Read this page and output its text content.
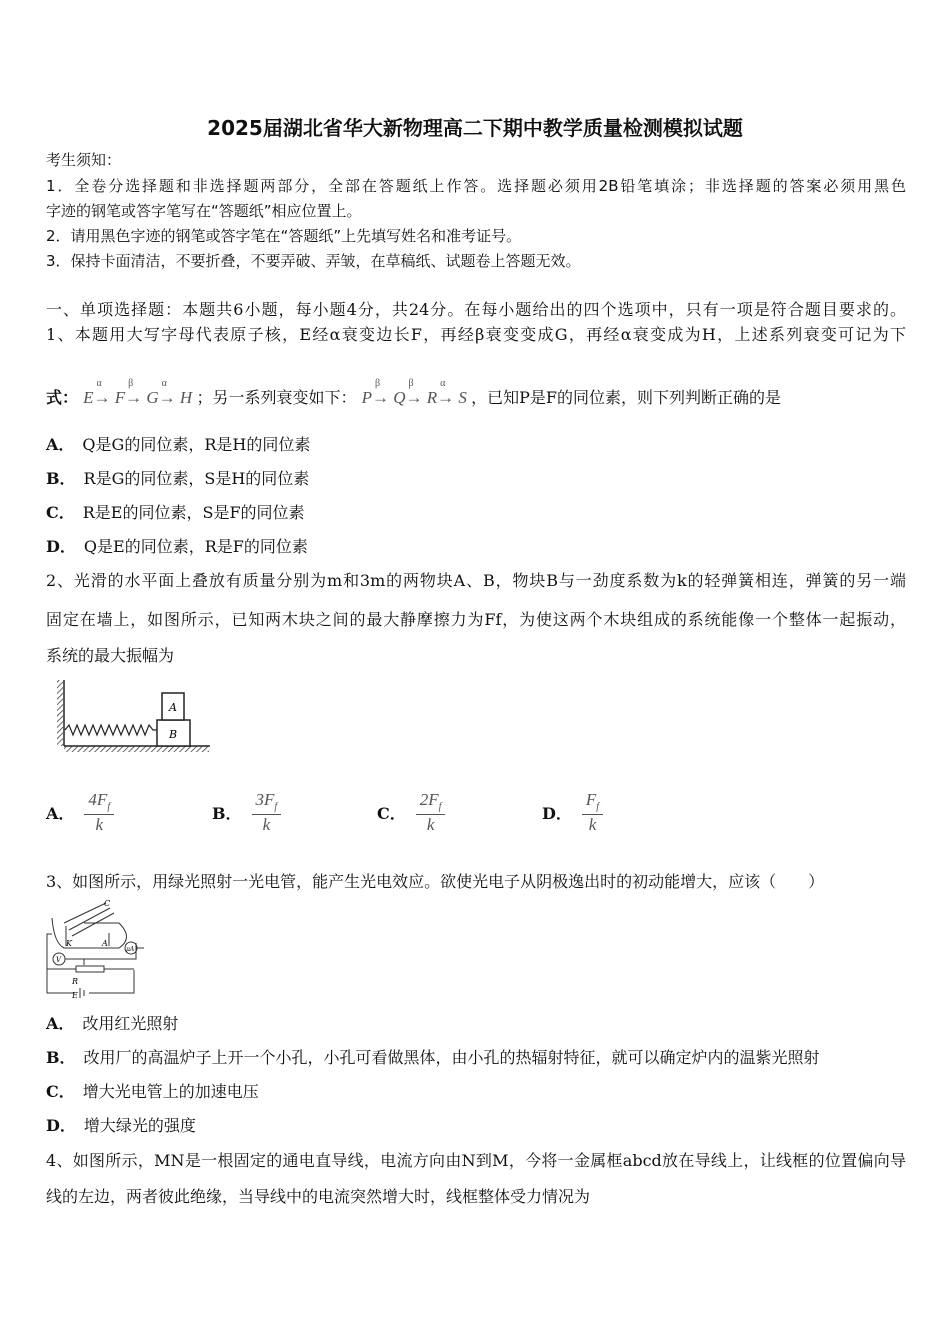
2025届湖北省华大新物理高二下期中教学质量检测模拟试题
考生须知：
1．全卷分选择题和非选择题两部分，全部在答题纸上作答。选择题必须用2B铅笔填涂；非选择题的答案必须用黑色
字迹的钢笔或答字笔写在“答题纸”相应位置上。
2．请用黑色字迹的钢笔或答字笔在“答题纸”上先填写姓名和准考证号。
3．保持卡面清洁，不要折叠，不要弄破、弄皱，在草稿纸、试题卷上答题无效。
一、单项选择题：本题共6小题，每小题4分，共24分。在每小题给出的四个选项中，只有一项是符合题目要求的。
1、本题用大写字母代表原子核，E经α衰变边长F，再经β衰变变成G，再经α衰变成为H，上述系列衰变可记为下
式： E→
α
F→
β
G→
α
H ；另一系列衰变如下： P→
β
Q→
β
R→
α
S ，已知P是F的同位素，则下列判断正确的是
A． Q是G的同位素，R是H的同位素
B． R是G的同位素，S是H的同位素
C． R是E的同位素，S是F的同位素
D． Q是E的同位素，R是F的同位素
2、光滑的水平面上叠放有质量分别为m和3m的两物块A、B，物块B与一劲度系数为k的轻弹簧相连，弹簧的另一端
固定在墙上，如图所示，已知两木块之间的最大静摩擦力为Ff，为使这两个木块组成的系统能像一个整体一起振动，
系统的最大振幅为
A
B
A． $\frac{4F_f}{k}$	B． $\frac{3F_f}{k}$	C． $\frac{2F_f}{k}$	D． $\frac{F_f}{k}$
3、如图所示，用绿光照射一光电管，能产生光电效应。欲使光电子从阴极逸出时的初动能增大，应该（　　）
C
K	A
μA
V
R
E
A． 改用红光照射
B． 改用厂的高温炉子上开一个小孔，小孔可看做黑体，由小孔的热辐射特征，就可以确定炉内的温紫光照射
C． 增大光电管上的加速电压
D． 增大绿光的强度
4、如图所示，MN是一根固定的通电直导线，电流方向由N到M，今将一金属框abcd放在导线上，让线框的位置偏向导
线的左边，两者彼此绝缘，当导线中的电流突然增大时，线框整体受力情况为
